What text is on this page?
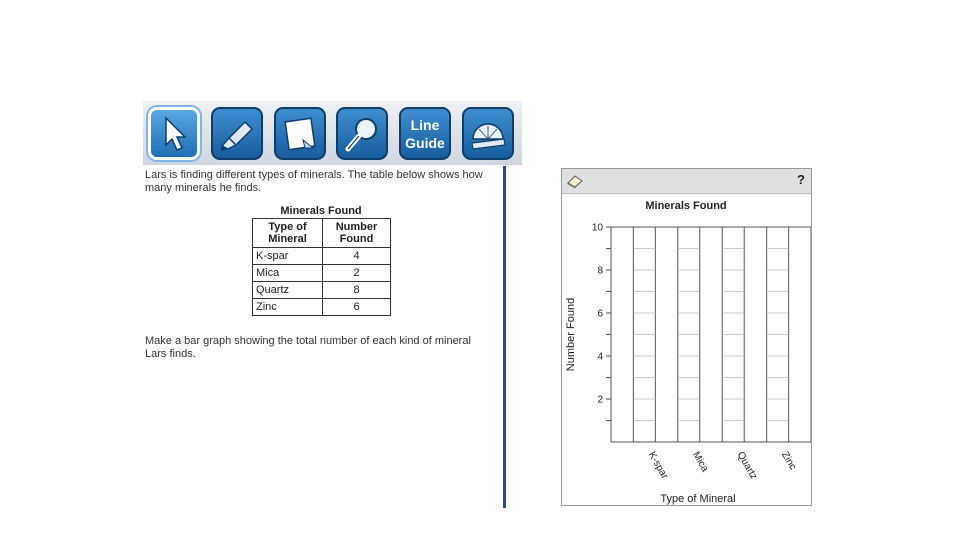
Line
Guide

Lars is finding different types of minerals. The table below shows how many minerals he finds.

Minerals Found
Type of Mineral	Number Found
K-spar	4
Mica	2
Quartz	8
Zinc	6

Make a bar graph showing the total number of each kind of mineral Lars finds.

?
Minerals Found
K-spar Mica Quartz Zinc
2
4
6
8
10
Number Found
Type of Mineral
